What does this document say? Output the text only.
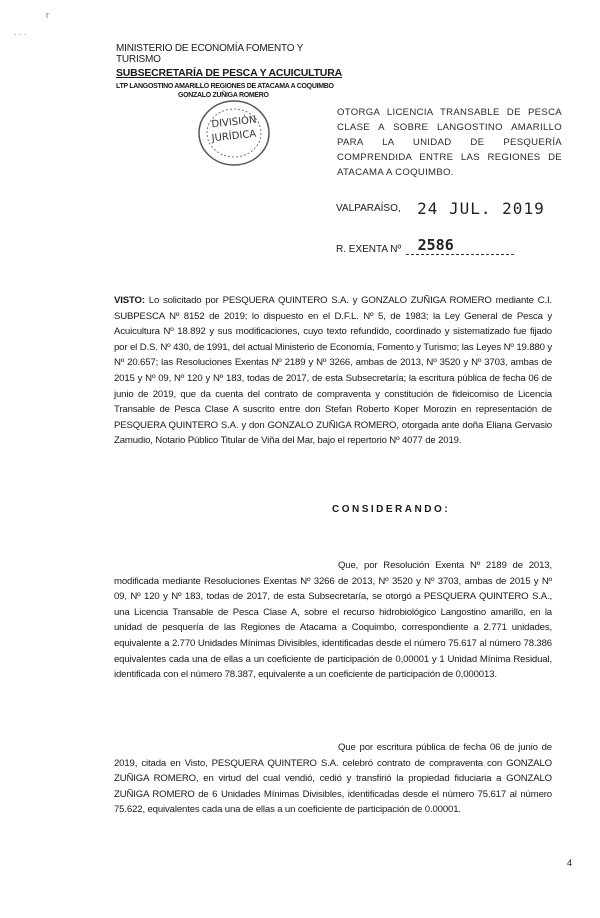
r
· · ·
MINISTERIO DE ECONOMÍA FOMENTO Y TURISMO
SUBSECRETARÍA DE PESCA Y ACUICULTURA
LTP LANGOSTINO AMARILLO REGIONES DE ATACAMA A COQUIMBO
GONZALO ZUÑIGA ROMERO
DIVISIÓN
JURÍDICA
OTORGA LICENCIA TRANSABLE DE PESCA CLASE A SOBRE LANGOSTINO AMARILLO PARA LA UNIDAD DE PESQUERÍA COMPRENDIDA ENTRE LAS REGIONES DE ATACAMA A COQUIMBO.
VALPARAÍSO, 24 JUL. 2019
R. EXENTA Nº 2586
VISTO: Lo solicitado por PESQUERA QUINTERO S.A. y GONZALO ZUÑIGA ROMERO mediante C.I. SUBPESCA Nº 8152 de 2019; lo dispuesto en el D.F.L. Nº 5, de 1983; la Ley General de Pesca y Acuicultura Nº 18.892 y sus modificaciones, cuyo texto refundido, coordinado y sistematizado fue fijado por el D.S. Nº 430, de 1991, del actual Ministerio de Economía, Fomento y Turismo; las Leyes Nº 19.880 y Nº 20.657; las Resoluciones Exentas Nº 2189 y Nº 3266, ambas de 2013, Nº 3520 y Nº 3703, ambas de 2015 y Nº 09, Nº 120 y Nº 183, todas de 2017, de esta Subsecretaría; la escritura pública de fecha 06 de junio de 2019, que da cuenta del contrato de compraventa y constitución de fideicomiso de Licencia Transable de Pesca Clase A suscrito entre don Stefan Roberto Koper Morozin en representación de PESQUERA QUINTERO S.A. y don GONZALO ZUÑIGA ROMERO, otorgada ante doña Eliana Gervasio Zamudio, Notario Público Titular de Viña del Mar, bajo el repertorio Nº 4077 de 2019.
CONSIDERANDO:
Que, por Resolución Exenta Nº 2189 de 2013, modificada mediante Resoluciones Exentas Nº 3266 de 2013, Nº 3520 y Nº 3703, ambas de 2015 y Nº 09, Nº 120 y Nº 183, todas de 2017, de esta Subsecretaría, se otorgó a PESQUERA QUINTERO S.A., una Licencia Transable de Pesca Clase A, sobre el recurso hidrobiológico Langostino amarillo, en la unidad de pesquería de las Regiones de Atacama a Coquimbo, correspondiente a 2.771 unidades, equivalente a 2.770 Unidades Mínimas Divisibles, identificadas desde el número 75.617 al número 78.386 equivalentes cada una de ellas a un coeficiente de participación de 0,00001 y 1 Unidad Mínima Residual, identificada con el número 78.387, equivalente a un coeficiente de participación de 0,000013.
Que por escritura pública de fecha 06 de junio de 2019, citada en Visto, PESQUERA QUINTERO S.A. celebró contrato de compraventa con GONZALO ZUÑIGA ROMERO, en virtud del cual vendió, cedió y transfirió la propiedad fiduciaria a GONZALO ZUÑIGA ROMERO de 6 Unidades Mínimas Divisibles, identificadas desde el número 75.617 al número 75.622, equivalentes cada una de ellas a un coeficiente de participación de 0.00001.
4
